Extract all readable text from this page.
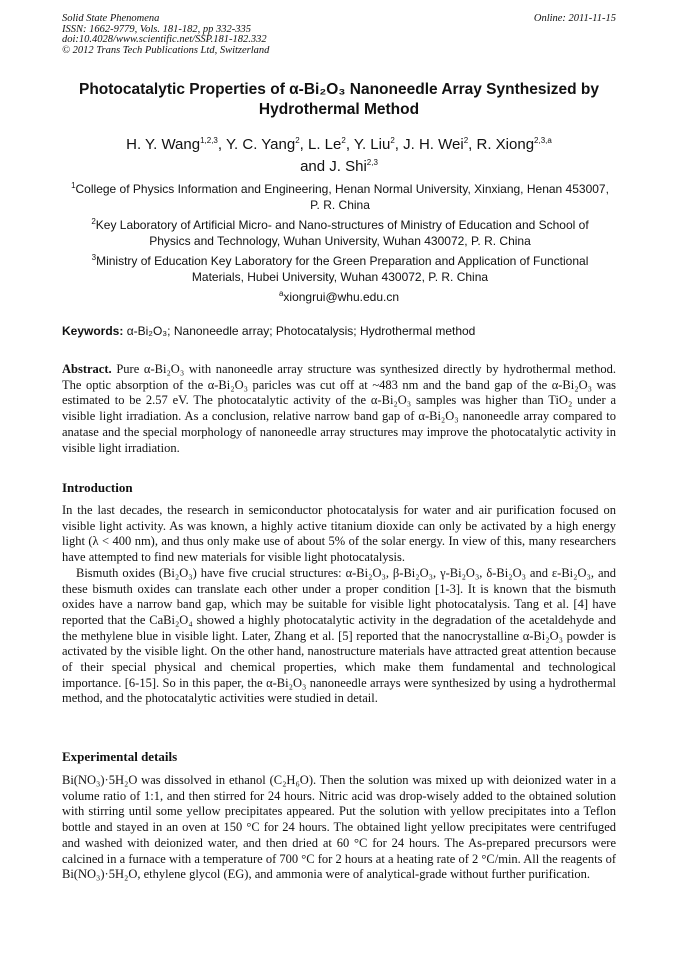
Solid State Phenomena
ISSN: 1662-9779, Vols. 181-182, pp 332-335
doi:10.4028/www.scientific.net/SSP.181-182.332
© 2012 Trans Tech Publications Ltd, Switzerland
Online: 2011-11-15
Photocatalytic Properties of α-Bi₂O₃ Nanoneedle Array Synthesized by Hydrothermal Method
H. Y. Wang$^{1,2,3}$, Y. C. Yang$^2$, L. Le$^2$, Y. Liu$^2$, J. H. Wei$^2$, R. Xiong$^{2,3,a}$
and J. Shi$^{2,3}$
$^1$College of Physics Information and Engineering, Henan Normal University, Xinxiang, Henan 453007, P. R. China
$^2$Key Laboratory of Artificial Micro- and Nano-structures of Ministry of Education and School of Physics and Technology, Wuhan University, Wuhan 430072, P. R. China
$^3$Ministry of Education Key Laboratory for the Green Preparation and Application of Functional Materials, Hubei University, Wuhan 430072, P. R. China
$^a$xiongrui@whu.edu.cn
Keywords: α-Bi₂O₃; Nanoneedle array; Photocatalysis; Hydrothermal method

Abstract. Pure α-Bi₂O₃ with nanoneedle array structure was synthesized directly by hydrothermal method. The optic absorption of the α-Bi₂O₃ paricles was cut off at ~483 nm and the band gap of the α-Bi₂O₃ was estimated to be 2.57 eV. The photocatalytic activity of the α-Bi₂O₃ samples was higher than TiO₂ under a visible light irradiation. As a conclusion, relative narrow band gap of α-Bi₂O₃ nanoneedle array compared to anatase and the special morphology of nanoneedle array structures may improve the photocatalytic activity in visible light irradiation.

Introduction

In the last decades, the research in semiconductor photocatalysis for water and air purification focused on visible light activity. As was known, a highly active titanium dioxide can only be activated by a high energy light (λ < 400 nm), and thus only make use of about 5% of the solar energy. In view of this, many researchers have attempted to find new materials for visible light photocatalysis.

Bismuth oxides (Bi₂O₃) have five crucial structures: α-Bi₂O₃, β-Bi₂O₃, γ-Bi₂O₃, δ-Bi₂O₃ and ε-Bi₂O₃, and these bismuth oxides can translate each other under a proper condition [1-3]. It is known that the bismuth oxides have a narrow band gap, which may be suitable for visible light photocatalysis. Tang et al. [4] have reported that the CaBi₂O₄ showed a highly photocatalytic activity in the degradation of the acetaldehyde and the methylene blue in visible light. Later, Zhang et al. [5] reported that the nanocrystalline α-Bi₂O₃ powder is activated by the visible light. On the other hand, nanostructure materials have attracted great attention because of their special physical and chemical properties, which make them fundamental and technological importance. [6-15]. So in this paper, the α-Bi₂O₃ nanoneedle arrays were synthesized by using a hydrothermal method, and the photocatalytic activities were studied in detail.

Experimental details

Bi(NO₃)·5H₂O was dissolved in ethanol (C₂H₆O). Then the solution was mixed up with deionized water in a volume ratio of 1:1, and then stirred for 24 hours. Nitric acid was drop-wisely added to the obtained solution with stirring until some yellow precipitates appeared. Put the solution with yellow precipitates into a Teflon bottle and stayed in an oven at 150 °C for 24 hours. The obtained light yellow precipitates were centrifuged and washed with deionized water, and then dried at 60 °C for 24 hours. The As-prepared precursors were calcined in a furnace with a temperature of 700 °C for 2 hours at a heating rate of 2 °C/min. All the reagents of Bi(NO₃)·5H₂O, ethylene glycol (EG), and ammonia were of analytical-grade without further purification.
